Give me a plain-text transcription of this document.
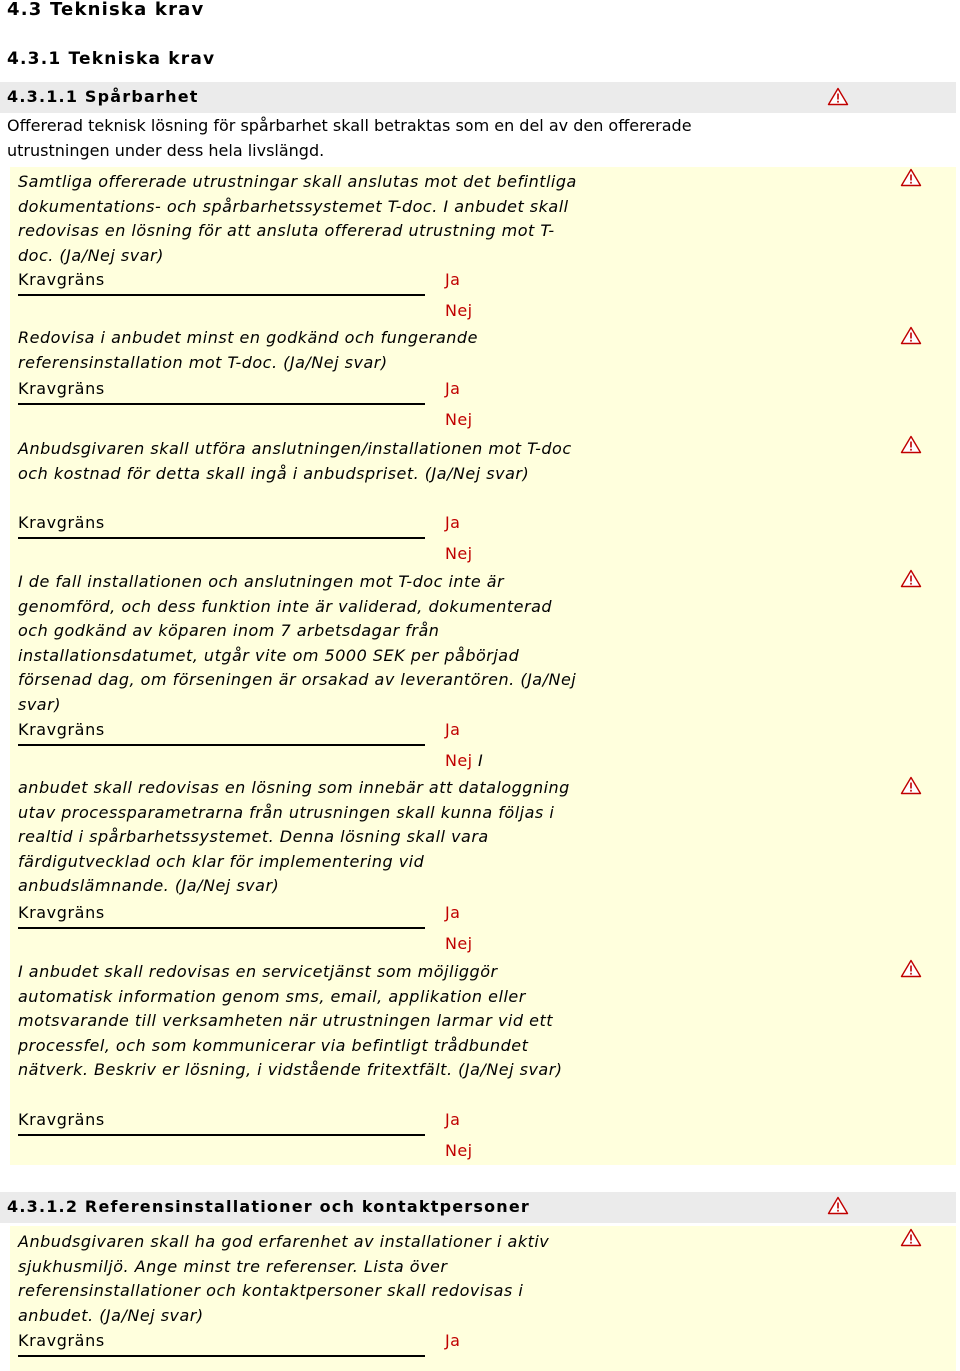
4.3 Tekniska krav
4.3.1 Tekniska krav
4.3.1.1 Spårbarhet
Offererad teknisk lösning för spårbarhet skall betraktas som en del av den offererade utrustningen under dess hela livslängd.
Samtliga offererade utrustningar skall anslutas mot det befintliga dokumentations- och spårbarhetssystemet T-doc. I anbudet skall redovisas en lösning för att ansluta offererad utrustning mot T-doc. (Ja/Nej svar)
Kravgräns	Ja
Nej
Redovisa i anbudet minst en godkänd och fungerande referensinstallation mot T-doc. (Ja/Nej svar)
Kravgräns	Ja
Nej
Anbudsgivaren skall utföra anslutningen/installationen mot T-doc och kostnad för detta skall ingå i anbudspriset. (Ja/Nej svar)
Kravgräns	Ja
Nej
I de fall installationen och anslutningen mot T-doc inte är genomförd, och dess funktion inte är validerad, dokumenterad och godkänd av köparen inom 7 arbetsdagar från installationsdatumet, utgår vite om 5000 SEK per påbörjad försenad dag, om förseningen är orsakad av leverantören. (Ja/Nej svar)
Kravgräns	Ja
Nej I
anbudet skall redovisas en lösning som innebär att dataloggning utav processparametrarna från utrusningen skall kunna följas i realtid i spårbarhetssystemet. Denna lösning skall vara färdigutvecklad och klar för implementering vid anbudslämnande. (Ja/Nej svar)
Kravgräns	Ja
Nej
I anbudet skall redovisas en servicetjänst som möjliggör automatisk information genom sms, email, applikation eller motsvarande till verksamheten när utrustningen larmar vid ett processfel, och som kommunicerar via befintligt trådbundet nätverk. Beskriv er lösning, i vidstående fritextfält. (Ja/Nej svar)
Kravgräns	Ja
Nej
4.3.1.2 Referensinstallationer och kontaktpersoner
Anbudsgivaren skall ha god erfarenhet av installationer i aktiv sjukhusmiljö. Ange minst tre referenser. Lista över referensinstallationer och kontaktpersoner skall redovisas i anbudet. (Ja/Nej svar)
Kravgräns	Ja
